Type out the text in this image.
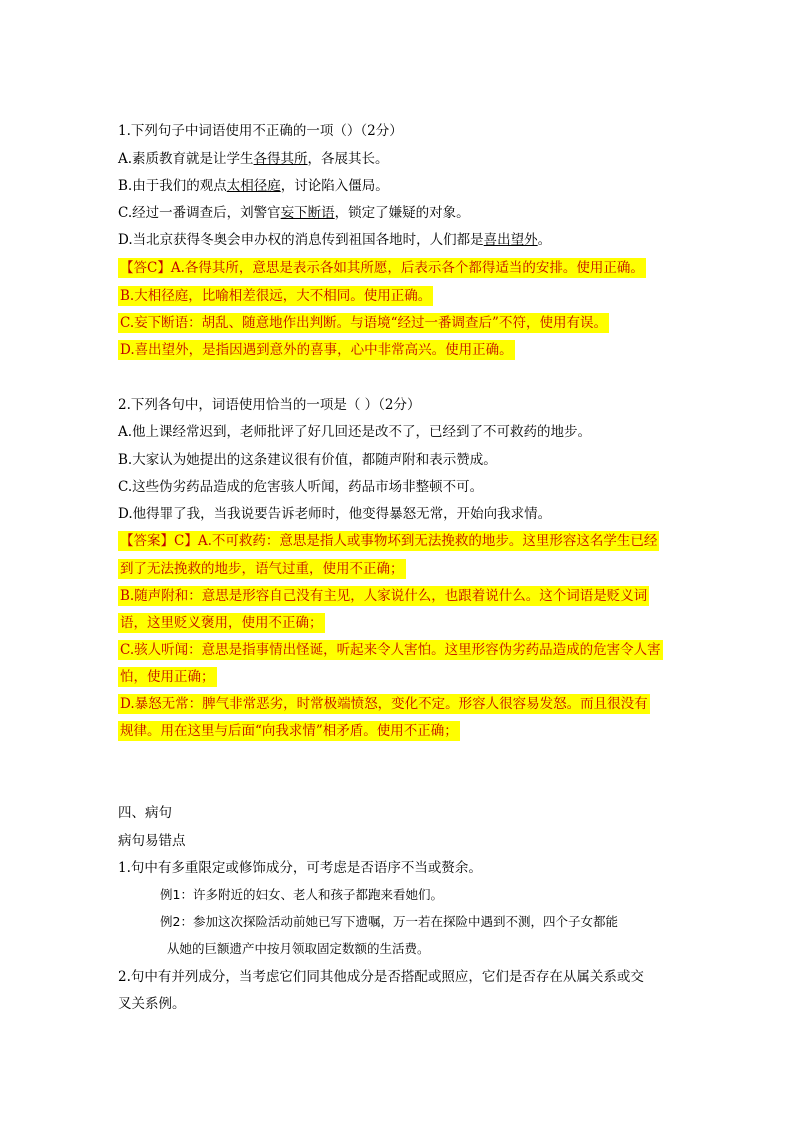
1.下列句子中词语使用不正确的一项（）（2分）
A.素质教育就是让学生各得其所，各展其长。
B.由于我们的观点太相径庭，讨论陷入僵局。
C.经过一番调查后，刘警官妄下断语，锁定了嫌疑的对象。
D.当北京获得冬奥会申办权的消息传到祖国各地时，人们都是喜出望外。
【答C】A.各得其所，意思是表示各如其所愿，后表示各个都得适当的安排。使用正确。
B.大相径庭，比喻相差很远，大不相同。使用正确。
C.妄下断语：胡乱、随意地作出判断。与语境“经过一番调查后”不符，使用有误。
D.喜出望外，是指因遇到意外的喜事，心中非常高兴。使用正确。
2.下列各句中，词语使用恰当的一项是（ ）（2分）
A.他上课经常迟到，老师批评了好几回还是改不了，已经到了不可救药的地步。
B.大家认为她提出的这条建议很有价值，都随声附和表示赞成。
C.这些伪劣药品造成的危害骇人听闻，药品市场非整顿不可。
D.他得罪了我，当我说要告诉老师时，他变得暴怒无常，开始向我求情。
【答案】C】A.不可救药：意思是指人或事物坏到无法挽救的地步。这里形容这名学生已经
到了无法挽救的地步，语气过重，使用不正确；
B.随声附和：意思是形容自己没有主见，人家说什么，也跟着说什么。这个词语是贬义词
语，这里贬义褒用，使用不正确；
C.骇人听闻：意思是指事情出怪诞，听起来令人害怕。这里形容伪劣药品造成的危害令人害
怕，使用正确；
D.暴怒无常：脾气非常恶劣，时常极端愤怒，变化不定。形容人很容易发怒。而且很没有
规律。用在这里与后面“向我求情”相矛盾。使用不正确；
四、病句
病句易错点
1.句中有多重限定或修饰成分，可考虑是否语序不当或赘余。
例1：许多附近的妇女、老人和孩子都跑来看她们。
例2：参加这次探险活动前她已写下遗嘱，万一若在探险中遇到不测，四个子女都能
从她的巨额遗产中按月领取固定数额的生活费。
2.句中有并列成分，当考虑它们同其他成分是否搭配或照应，它们是否存在从属关系或交
叉关系例。
